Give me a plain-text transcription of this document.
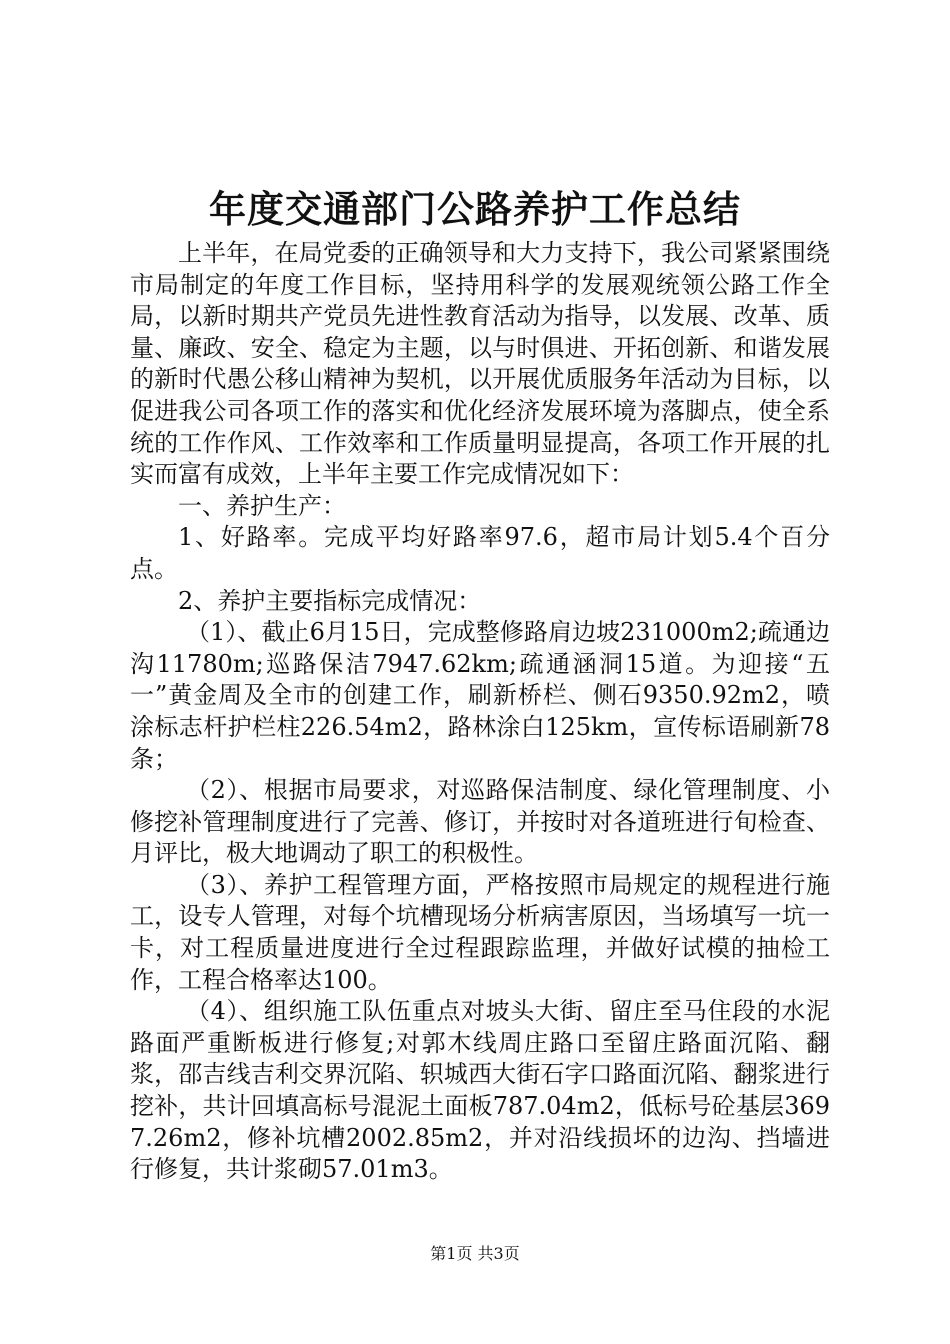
年度交通部门公路养护工作总结

上半年，在局党委的正确领导和大力支持下，我公司紧紧围绕市局制定的年度工作目标，坚持用科学的发展观统领公路工作全局，以新时期共产党员先进性教育活动为指导，以发展、改革、质量、廉政、安全、稳定为主题，以与时俱进、开拓创新、和谐发展的新时代愚公移山精神为契机，以开展优质服务年活动为目标，以促进我公司各项工作的落实和优化经济发展环境为落脚点，使全系统的工作作风、工作效率和工作质量明显提高，各项工作开展的扎实而富有成效，上半年主要工作完成情况如下：

一、养护生产：

1、好路率。完成平均好路率97.6，超市局计划5.4个百分点。

2、养护主要指标完成情况：

（1）、截止6月15日，完成整修路肩边坡231000m2;疏通边沟11780m;巡路保洁7947.62km;疏通涵洞15道。为迎接“五一”黄金周及全市的创建工作，刷新桥栏、侧石9350.92m2，喷涂标志杆护栏柱226.54m2，路林涂白125km，宣传标语刷新78条；

（2）、根据市局要求，对巡路保洁制度、绿化管理制度、小修挖补管理制度进行了完善、修订，并按时对各道班进行旬检查、月评比，极大地调动了职工的积极性。

（3）、养护工程管理方面，严格按照市局规定的规程进行施工，设专人管理，对每个坑槽现场分析病害原因，当场填写一坑一卡，对工程质量进度进行全过程跟踪监理，并做好试模的抽检工作，工程合格率达100。

（4）、组织施工队伍重点对坡头大街、留庄至马住段的水泥路面严重断板进行修复;对郭木线周庄路口至留庄路面沉陷、翻浆，邵吉线吉利交界沉陷、轵城西大街石字口路面沉陷、翻浆进行挖补，共计回填高标号混泥土面板787.04m2，低标号砼基层3697.26m2，修补坑槽2002.85m2，并对沿线损坏的边沟、挡墙进行修复，共计浆砌57.01m3。

第1页 共3页
